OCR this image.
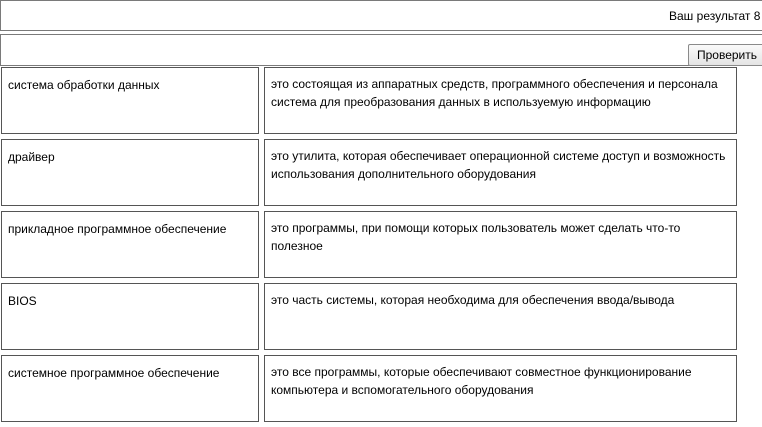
Ваш результат 8
Проверить
система обработки данных	это состоящая из аппаратных средств, программного обеспечения и персонала система для преобразования данных в используемую информацию
драйвер	это утилита, которая обеспечивает операционной системе доступ и возможность использования дополнительного оборудования
прикладное программное обеспечение	это программы, при помощи которых пользователь может сделать что-то полезное
BIOS	это часть системы, которая необходима для обеспечения ввода/вывода
системное программное обеспечение	это все программы, которые обеспечивают совместное функционирование компьютера и вспомогательного оборудования
